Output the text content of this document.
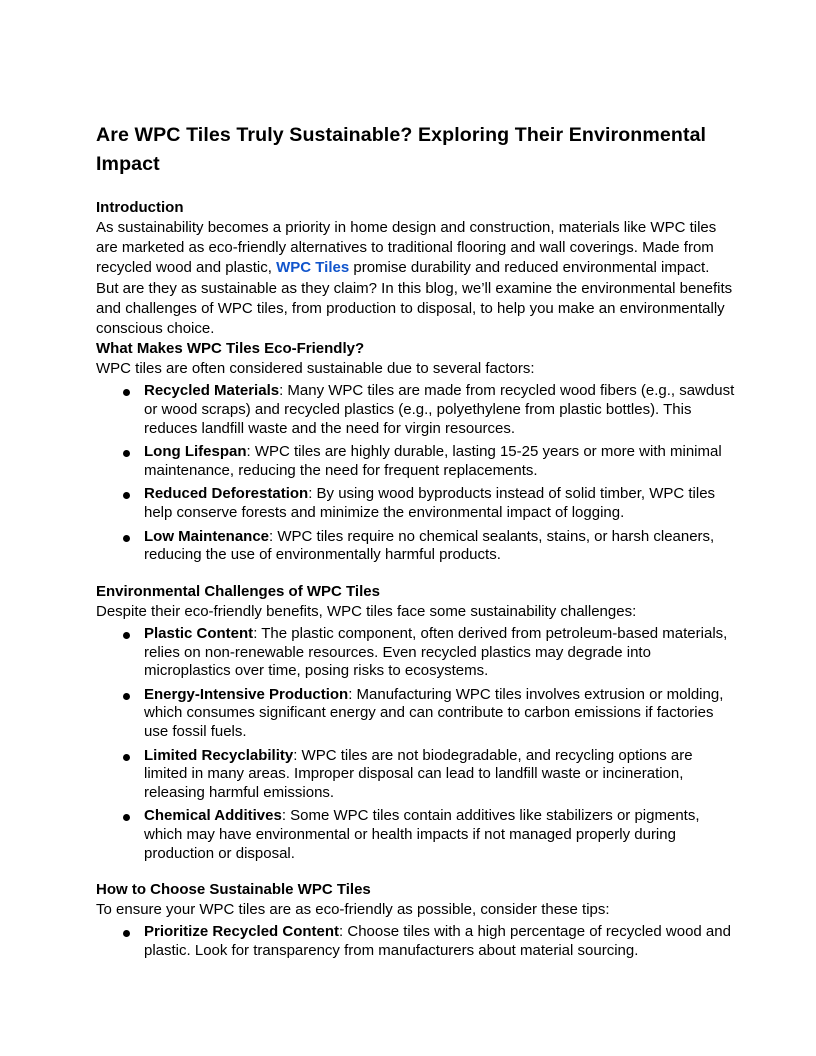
Are WPC Tiles Truly Sustainable? Exploring Their Environmental Impact
Introduction

As sustainability becomes a priority in home design and construction, materials like WPC tiles are marketed as eco-friendly alternatives to traditional flooring and wall coverings. Made from recycled wood and plastic, WPC Tiles promise durability and reduced environmental impact. But are they as sustainable as they claim? In this blog, we’ll examine the environmental benefits and challenges of WPC tiles, from production to disposal, to help you make an environmentally conscious choice.

What Makes WPC Tiles Eco-Friendly?

WPC tiles are often considered sustainable due to several factors:

Recycled Materials: Many WPC tiles are made from recycled wood fibers (e.g., sawdust or wood scraps) and recycled plastics (e.g., polyethylene from plastic bottles). This reduces landfill waste and the need for virgin resources.
Long Lifespan: WPC tiles are highly durable, lasting 15-25 years or more with minimal maintenance, reducing the need for frequent replacements.
Reduced Deforestation: By using wood byproducts instead of solid timber, WPC tiles help conserve forests and minimize the environmental impact of logging.
Low Maintenance: WPC tiles require no chemical sealants, stains, or harsh cleaners, reducing the use of environmentally harmful products.
Environmental Challenges of WPC Tiles

Despite their eco-friendly benefits, WPC tiles face some sustainability challenges:

Plastic Content: The plastic component, often derived from petroleum-based materials, relies on non-renewable resources. Even recycled plastics may degrade into microplastics over time, posing risks to ecosystems.
Energy-Intensive Production: Manufacturing WPC tiles involves extrusion or molding, which consumes significant energy and can contribute to carbon emissions if factories use fossil fuels.
Limited Recyclability: WPC tiles are not biodegradable, and recycling options are limited in many areas. Improper disposal can lead to landfill waste or incineration, releasing harmful emissions.
Chemical Additives: Some WPC tiles contain additives like stabilizers or pigments, which may have environmental or health impacts if not managed properly during production or disposal.
How to Choose Sustainable WPC Tiles

To ensure your WPC tiles are as eco-friendly as possible, consider these tips:

Prioritize Recycled Content: Choose tiles with a high percentage of recycled wood and plastic. Look for transparency from manufacturers about material sourcing.
